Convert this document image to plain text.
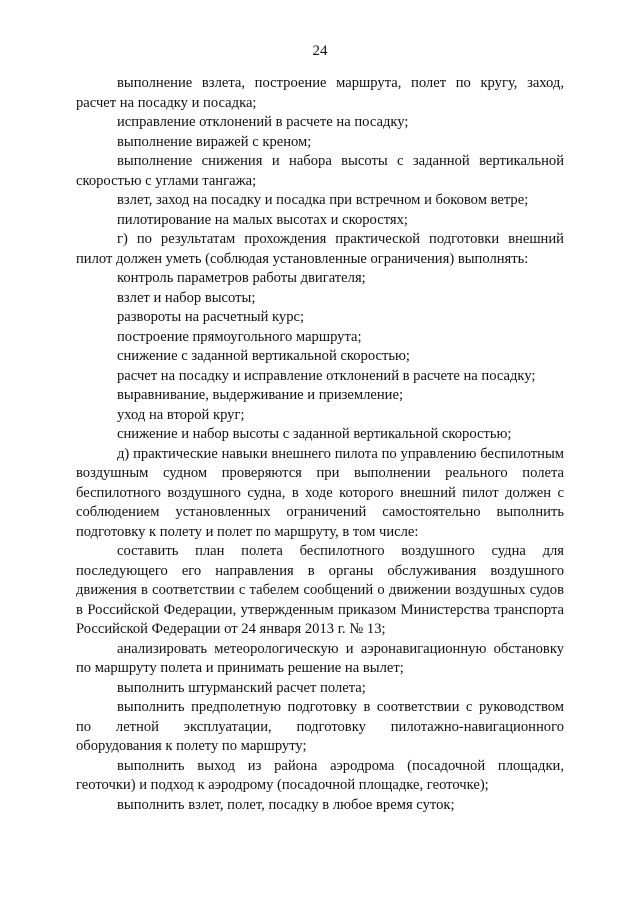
24

выполнение взлета, построение маршрута, полет по кругу, заход, расчет на посадку и посадка;

исправление отклонений в расчете на посадку;

выполнение виражей с креном;

выполнение снижения и набора высоты с заданной вертикальной скоростью с углами тангажа;

взлет, заход на посадку и посадка при встречном и боковом ветре;

пилотирование на малых высотах и скоростях;

г) по результатам прохождения практической подготовки внешний пилот должен уметь (соблюдая установленные ограничения) выполнять:

контроль параметров работы двигателя;

взлет и набор высоты;

развороты на расчетный курс;

построение прямоугольного маршрута;

снижение с заданной вертикальной скоростью;

расчет на посадку и исправление отклонений в расчете на посадку;

выравнивание, выдерживание и приземление;

уход на второй круг;

снижение и набор высоты с заданной вертикальной скоростью;

д) практические навыки внешнего пилота по управлению беспилотным воздушным судном проверяются при выполнении реального полета беспилотного воздушного судна, в ходе которого внешний пилот должен с соблюдением установленных ограничений самостоятельно выполнить подготовку к полету и полет по маршруту, в том числе:

составить план полета беспилотного воздушного судна для последующего его направления в органы обслуживания воздушного движения в соответствии с табелем сообщений о движении воздушных судов в Российской Федерации, утвержденным приказом Министерства транспорта Российской Федерации от 24 января 2013 г. № 13;

анализировать метеорологическую и аэронавигационную обстановку по маршруту полета и принимать решение на вылет;

выполнить штурманский расчет полета;

выполнить предполетную подготовку в соответствии с руководством по летной эксплуатации, подготовку пилотажно-навигационного оборудования к полету по маршруту;

выполнить выход из района аэродрома (посадочной площадки, геоточки) и подход к аэродрому (посадочной площадке, геоточке);

выполнить взлет, полет, посадку в любое время суток;
